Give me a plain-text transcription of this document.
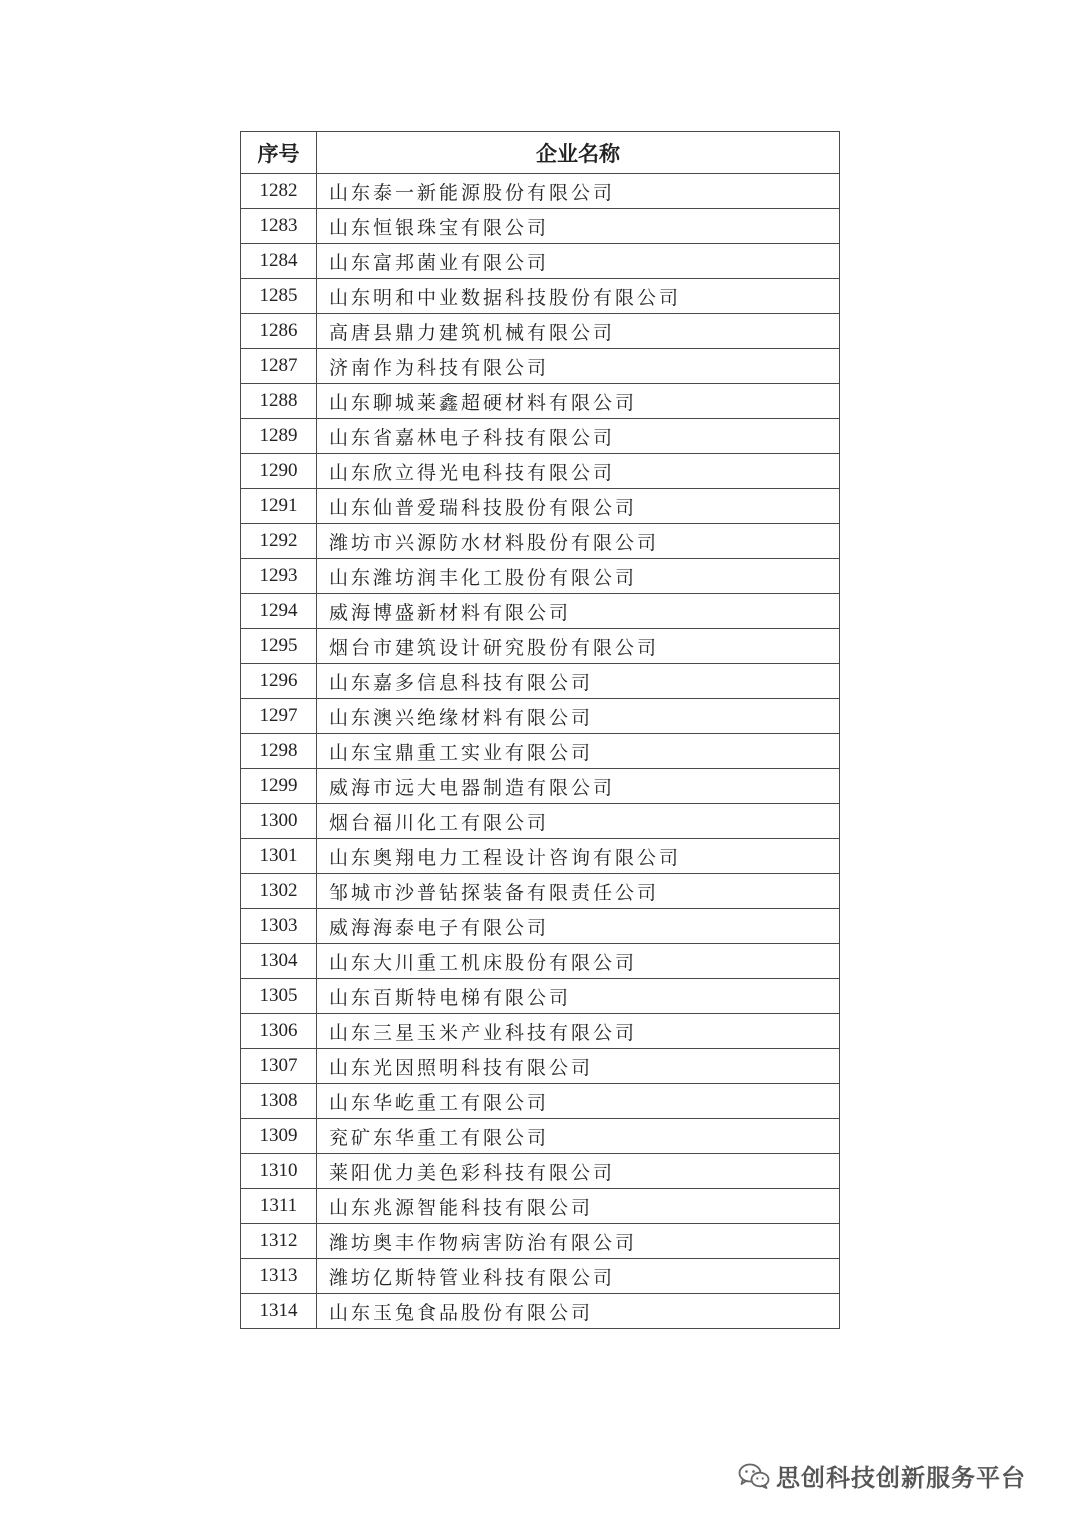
序号	企业名称
1282	山东泰一新能源股份有限公司
1283	山东恒银珠宝有限公司
1284	山东富邦菌业有限公司
1285	山东明和中业数据科技股份有限公司
1286	高唐县鼎力建筑机械有限公司
1287	济南作为科技有限公司
1288	山东聊城莱鑫超硬材料有限公司
1289	山东省嘉林电子科技有限公司
1290	山东欣立得光电科技有限公司
1291	山东仙普爱瑞科技股份有限公司
1292	潍坊市兴源防水材料股份有限公司
1293	山东潍坊润丰化工股份有限公司
1294	威海博盛新材料有限公司
1295	烟台市建筑设计研究股份有限公司
1296	山东嘉多信息科技有限公司
1297	山东澳兴绝缘材料有限公司
1298	山东宝鼎重工实业有限公司
1299	威海市远大电器制造有限公司
1300	烟台福川化工有限公司
1301	山东奥翔电力工程设计咨询有限公司
1302	邹城市沙普钻探装备有限责任公司
1303	威海海泰电子有限公司
1304	山东大川重工机床股份有限公司
1305	山东百斯特电梯有限公司
1306	山东三星玉米产业科技有限公司
1307	山东光因照明科技有限公司
1308	山东华屹重工有限公司
1309	兖矿东华重工有限公司
1310	莱阳优力美色彩科技有限公司
1311	山东兆源智能科技有限公司
1312	潍坊奥丰作物病害防治有限公司
1313	潍坊亿斯特管业科技有限公司
1314	山东玉兔食品股份有限公司
思创科技创新服务平台
